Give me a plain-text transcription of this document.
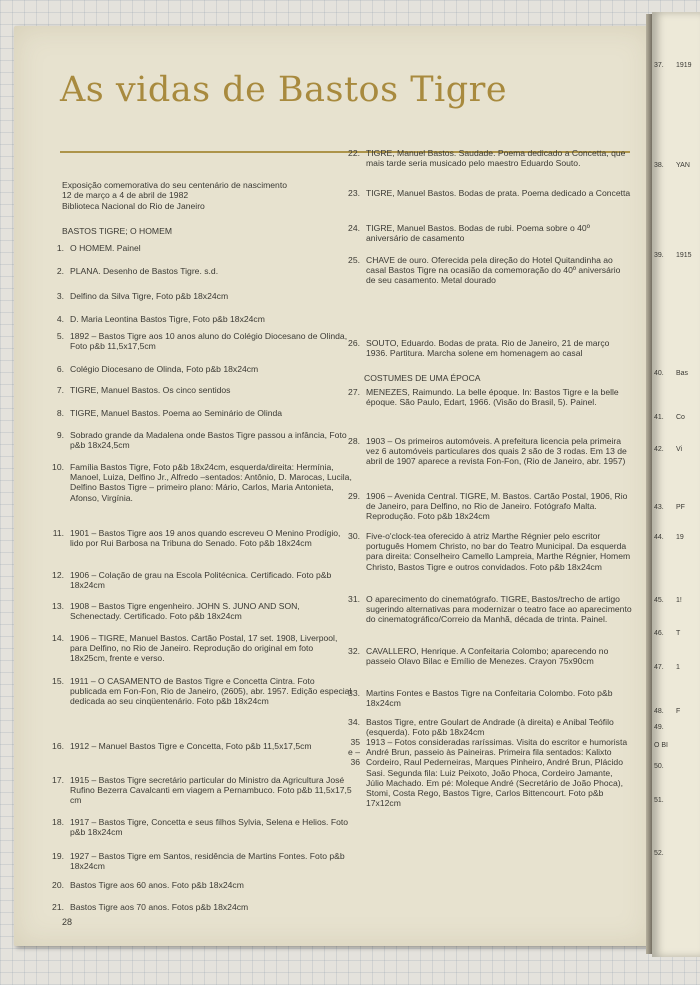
37. 1919
38. YAN
39. 1915
40. Bas
41. Co
42. Vi
43. PF
44. 19
45. 1!
46. T
47. 1
48. F
49.
O BI
50.
51.
52.
As vidas de Bastos Tigre

Exposição comemorativa do seu centenário de nascimento

12 de março a 4 de abril de 1982

Biblioteca Nacional do Rio de Janeiro

BASTOS TIGRE; O HOMEM
1. O HOMEM. Painel
2. PLANA. Desenho de Bastos Tigre. s.d.
3. Delfino da Silva Tigre, Foto p&b 18x24cm
4. D. Maria Leontina Bastos Tigre, Foto p&b 18x24cm
5. 1892 – Bastos Tigre aos 10 anos aluno do Colégio Diocesano de Olinda, Foto p&b 11,5x17,5cm
6. Colégio Diocesano de Olinda, Foto p&b 18x24cm
7. TIGRE, Manuel Bastos. Os cinco sentidos
8. TIGRE, Manuel Bastos. Poema ao Seminário de Olinda
9. Sobrado grande da Madalena onde Bastos Tigre passou a infância, Foto p&b 18x24,5cm
10. Família Bastos Tigre, Foto p&b 18x24cm, esquerda/direita: Hermínia, Manoel, Luiza, Delfino Jr., Alfredo –sentados: Antônio, D. Marocas, Lucila, Delfino Bastos Tigre – primeiro plano: Mário, Carlos, Maria Antonieta, Afonso, Virgínia.
11. 1901 – Bastos Tigre aos 19 anos quando escreveu O Menino Prodígio, lido por Rui Barbosa na Tribuna do Senado. Foto p&b 18x24cm
12. 1906 – Colação de grau na Escola Politécnica. Certificado. Foto p&b 18x24cm
13. 1908 – Bastos Tigre engenheiro. JOHN S. JUNO AND SON, Schenectady. Certificado. Foto p&b 18x24cm
14. 1906 – TIGRE, Manuel Bastos. Cartão Postal, 17 set. 1908, Liverpool, para Delfino, no Rio de Janeiro. Reprodução do original em foto 18x25cm, frente e verso.
15. 1911 – O CASAMENTO de Bastos Tigre e Concetta Cintra. Foto publicada em Fon-Fon, Rio de Janeiro, (2605), abr. 1957. Edição especial dedicada ao seu cinqüentenário. Foto p&b 18x24cm
16. 1912 – Manuel Bastos Tigre e Concetta, Foto p&b 11,5x17,5cm
17. 1915 – Bastos Tigre secretário particular do Ministro da Agricultura José Rufino Bezerra Cavalcanti em viagem a Pernambuco. Foto p&b 11,5x17,5 cm
18. 1917 – Bastos Tigre, Concetta e seus filhos Sylvia, Selena e Helios. Foto p&b 18x24cm
19. 1927 – Bastos Tigre em Santos, residência de Martins Fontes. Foto p&b 18x24cm
20. Bastos Tigre aos 60 anos. Foto p&b 18x24cm
21. Bastos Tigre aos 70 anos. Fotos p&b 18x24cm
22. TIGRE, Manuel Bastos. Saudade. Poema dedicado a Concetta, que mais tarde seria musicado pelo maestro Eduardo Souto.
23. TIGRE, Manuel Bastos. Bodas de prata. Poema dedicado a Concetta
24. TIGRE, Manuel Bastos. Bodas de rubi. Poema sobre o 40º aniversário de casamento
25. CHAVE de ouro. Oferecida pela direção do Hotel Quitandinha ao casal Bastos Tigre na ocasião da comemoração do 40º aniversário de seu casamento. Metal dourado
26. SOUTO, Eduardo. Bodas de prata. Rio de Janeiro, 21 de março 1936. Partitura. Marcha solene em homenagem ao casal
27. MENEZES, Raimundo. La belle époque. In: Bastos Tigre e la belle époque. São Paulo, Edart, 1966. (Visão do Brasil, 5). Painel.
28. 1903 – Os primeiros automóveis. A prefeitura licencia pela primeira vez 6 automóveis particulares dos quais 2 são de 3 rodas. Em 13 de abril de 1907 aparece a revista Fon-Fon, (Rio de Janeiro, abr. 1957)
29. 1906 – Avenida Central. TIGRE, M. Bastos. Cartão Postal, 1906, Rio de Janeiro, para Delfino, no Rio de Janeiro. Fotógrafo Malta. Reprodução. Foto p&b 18x24cm
30. Five-o'clock-tea oferecido à atriz Marthe Régnier pelo escritor português Homem Christo, no bar do Teatro Municipal. Da esquerda para direita: Conselheiro Camello Lampreia, Marthe Régnier, Homem Christo, Bastos Tigre e outros convidados. Foto p&b 18x24cm
31. O aparecimento do cinematógrafo. TIGRE, Bastos/trecho de artigo sugerindo alternativas para modernizar o teatro face ao aparecimento do cinematográfico/Correio da Manhã, década de trinta. Painel.
32. CAVALLERO, Henrique. A Confeitaria Colombo; aparecendo no passeio Olavo Bilac e Emílio de Menezes. Crayon 75x90cm
33. Martins Fontes e Bastos Tigre na Confeitaria Colombo. Foto p&b 18x24cm
34. Bastos Tigre, entre Goulart de Andrade (à direita) e Anibal Teófilo (esquerda). Foto p&b 18x24cm
35
e –
36
1913 – Fotos consideradas raríssimas. Visita do escritor e humorista André Brun, passeio às Paineiras. Primeira fila sentados: Kalixto Cordeiro, Raul Pederneiras, Marques Pinheiro, André Brun, Plácido Sasi. Segunda fila: Luiz Peixoto, João Phoca, Cordeiro Jamante, Júlio Machado. Em pé: Moleque André (Secretário de João Phoca), Stomi, Costa Rego, Bastos Tigre, Carlos Bittencourt. Foto p&b 17x12cm
COSTUMES DE UMA ÉPOCA
28
